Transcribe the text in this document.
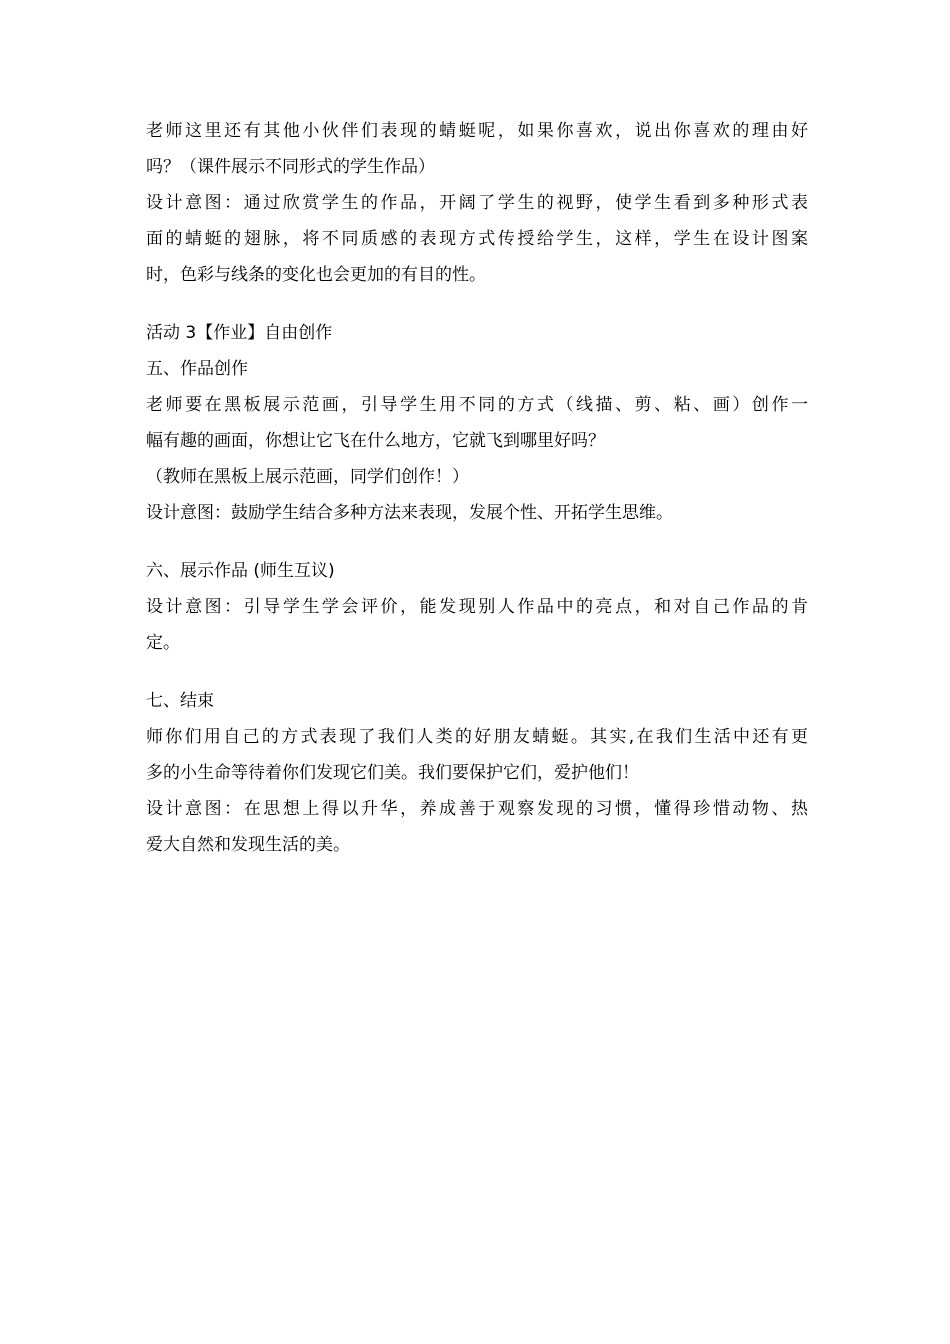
老师这里还有其他小伙伴们表现的蜻蜓呢，如果你喜欢，说出你喜欢的理由好
吗？（课件展示不同形式的学生作品）
设计意图：通过欣赏学生的作品，开阔了学生的视野，使学生看到多种形式表
面的蜻蜓的翅脉，将不同质感的表现方式传授给学生，这样，学生在设计图案
时，色彩与线条的变化也会更加的有目的性。
活动 3【作业】自由创作
五、作品创作
老师要在黑板展示范画，引导学生用不同的方式（线描、剪、粘、画）创作一
幅有趣的画面，你想让它飞在什么地方，它就飞到哪里好吗？
（教师在黑板上展示范画，同学们创作！）
设计意图：鼓励学生结合多种方法来表现，发展个性、开拓学生思维。
六、展示作品 (师生互议)
设计意图：引导学生学会评价，能发现别人作品中的亮点，和对自己作品的肯
定。
七、结束
师你们用自己的方式表现了我们人类的好朋友蜻蜓。其实,在我们生活中还有更
多的小生命等待着你们发现它们美。我们要保护它们，爱护他们！
设计意图：在思想上得以升华，养成善于观察发现的习惯，懂得珍惜动物、热
爱大自然和发现生活的美。
